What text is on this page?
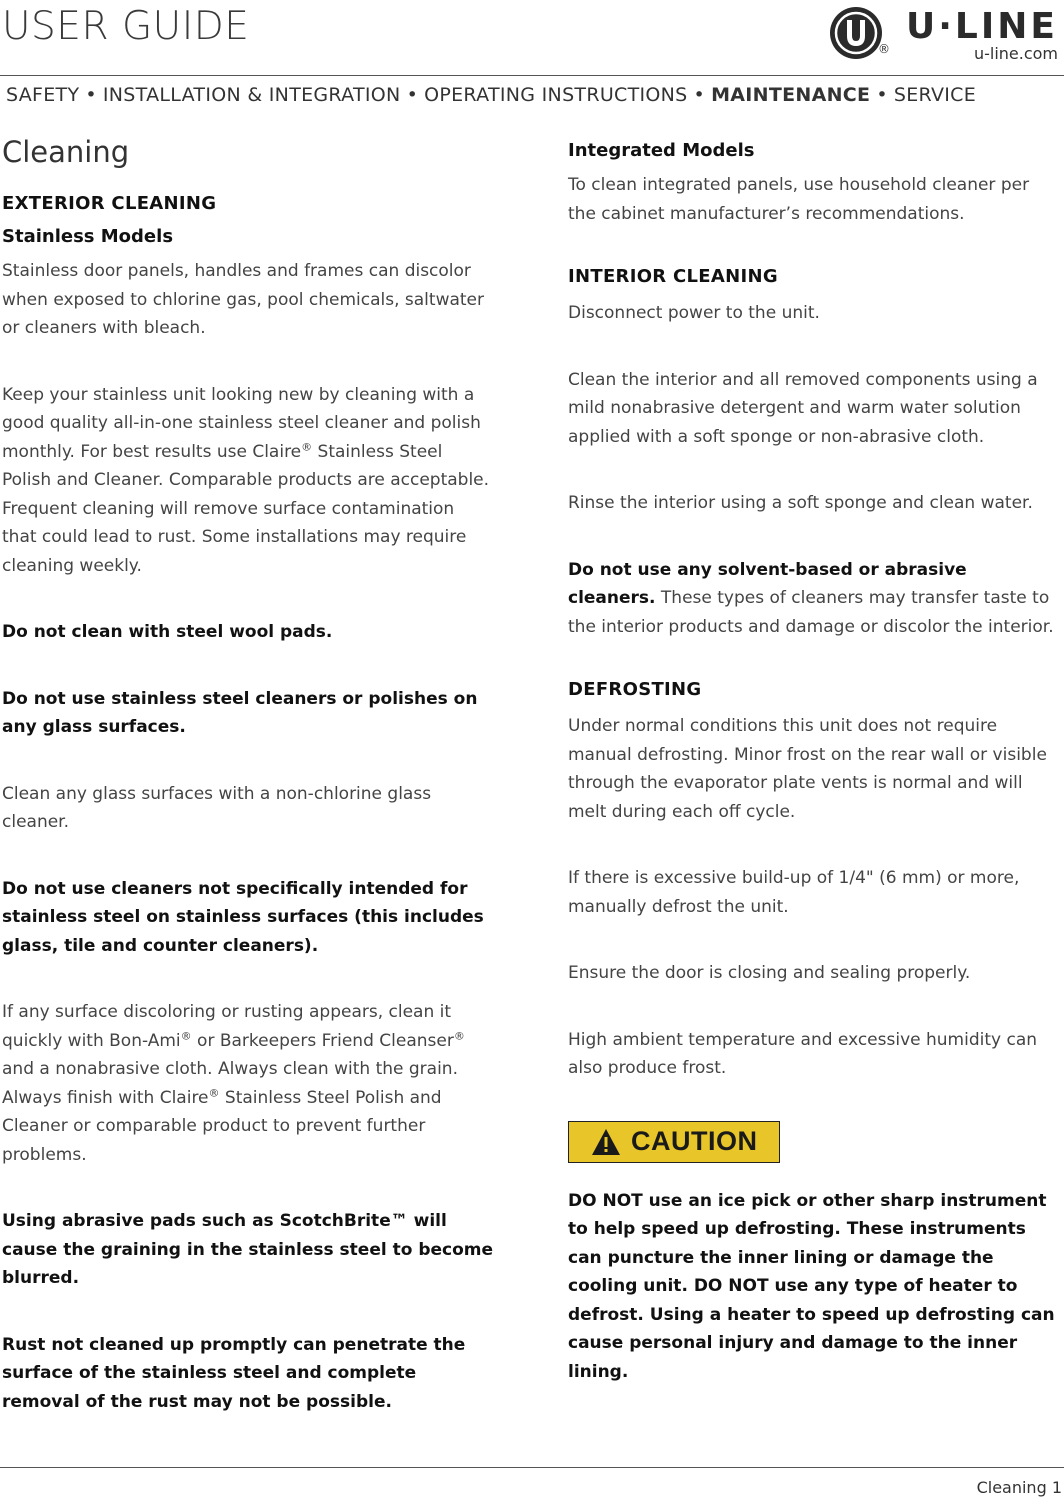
USER GUIDE	®
U·LINE
u-line.com
SAFETY • INSTALLATION & INTEGRATION • OPERATING INSTRUCTIONS • MAINTENANCE • SERVICE
Cleaning
EXTERIOR CLEANING
Stainless Models

Stainless door panels, handles and frames can discolor when exposed to chlorine gas, pool chemicals, saltwater or cleaners with bleach.

Keep your stainless unit looking new by cleaning with a good quality all-in-one stainless steel cleaner and polish monthly. For best results use Claire® Stainless Steel Polish and Cleaner. Comparable products are acceptable. Frequent cleaning will remove surface contamination that could lead to rust. Some installations may require cleaning weekly.

Do not clean with steel wool pads.

Do not use stainless steel cleaners or polishes on any glass surfaces.

Clean any glass surfaces with a non-chlorine glass cleaner.

Do not use cleaners not specifically intended for stainless steel on stainless surfaces (this includes glass, tile and counter cleaners).

If any surface discoloring or rusting appears, clean it quickly with Bon-Ami® or Barkeepers Friend Cleanser® and a nonabrasive cloth. Always clean with the grain. Always finish with Claire® Stainless Steel Polish and Cleaner or comparable product to prevent further problems.

Using abrasive pads such as ScotchBrite™ will cause the graining in the stainless steel to become blurred.

Rust not cleaned up promptly can penetrate the surface of the stainless steel and complete removal of the rust may not be possible.

Integrated Models

To clean integrated panels, use household cleaner per the cabinet manufacturer’s recommendations.

INTERIOR CLEANING

Disconnect power to the unit.

Clean the interior and all removed components using a mild nonabrasive detergent and warm water solution applied with a soft sponge or non-abrasive cloth.

Rinse the interior using a soft sponge and clean water.

Do not use any solvent-based or abrasive cleaners. These types of cleaners may transfer taste to the interior products and damage or discolor the interior.

DEFROSTING

Under normal conditions this unit does not require manual defrosting. Minor frost on the rear wall or visible through the evaporator plate vents is normal and will melt during each off cycle.

If there is excessive build-up of 1/4" (6 mm) or more, manually defrost the unit.

Ensure the door is closing and sealing properly.

High ambient temperature and excessive humidity can also produce frost.

CAUTION

DO NOT use an ice pick or other sharp instrument to help speed up defrosting. These instruments can puncture the inner lining or damage the cooling unit. DO NOT use any type of heater to defrost. Using a heater to speed up defrosting can cause personal injury and damage to the inner lining.

Cleaning 1
